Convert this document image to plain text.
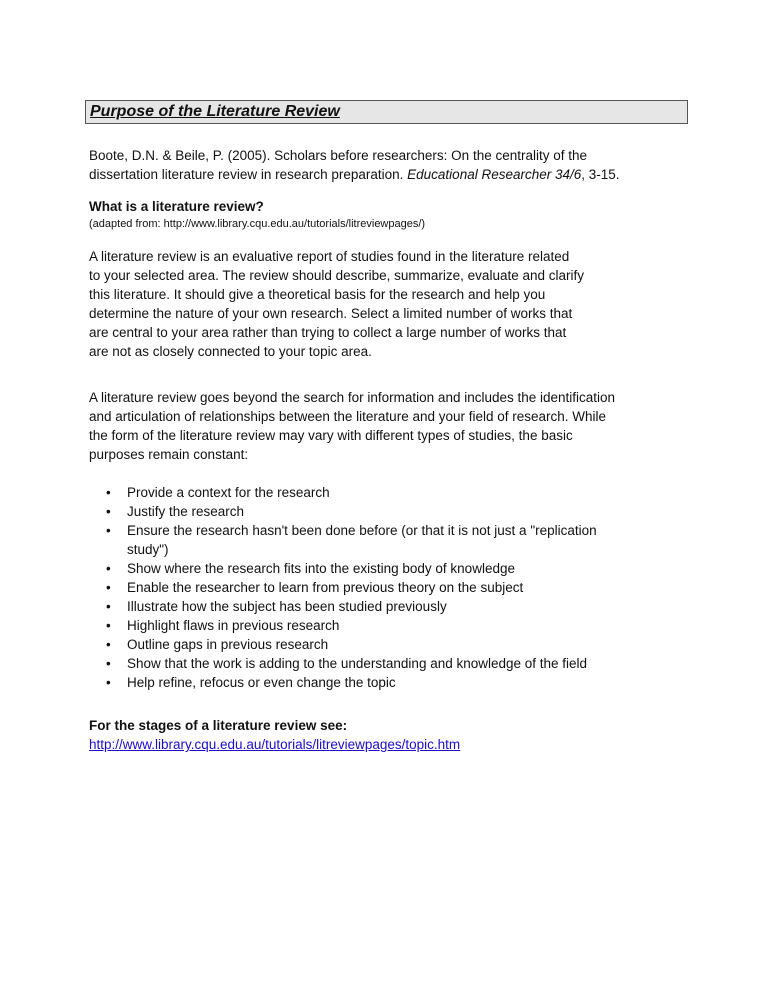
Purpose of the Literature Review
Boote, D.N. & Beile, P. (2005). Scholars before researchers: On the centrality of the
dissertation literature review in research preparation. Educational Researcher 34/6, 3-15.
What is a literature review?
(adapted from: http://www.library.cqu.edu.au/tutorials/litreviewpages/)
A literature review is an evaluative report of studies found in the literature related
to your selected area. The review should describe, summarize, evaluate and clarify
this literature. It should give a theoretical basis for the research and help you
determine the nature of your own research. Select a limited number of works that
are central to your area rather than trying to collect a large number of works that
are not as closely connected to your topic area.
A literature review goes beyond the search for information and includes the identification
and articulation of relationships between the literature and your field of research. While
the form of the literature review may vary with different types of studies, the basic
purposes remain constant:
• Provide a context for the research
• Justify the research
• Ensure the research hasn't been done before (or that it is not just a "replication
study")
• Show where the research fits into the existing body of knowledge
• Enable the researcher to learn from previous theory on the subject
• Illustrate how the subject has been studied previously
• Highlight flaws in previous research
• Outline gaps in previous research
• Show that the work is adding to the understanding and knowledge of the field
• Help refine, refocus or even change the topic
For the stages of a literature review see:
http://www.library.cqu.edu.au/tutorials/litreviewpages/topic.htm
